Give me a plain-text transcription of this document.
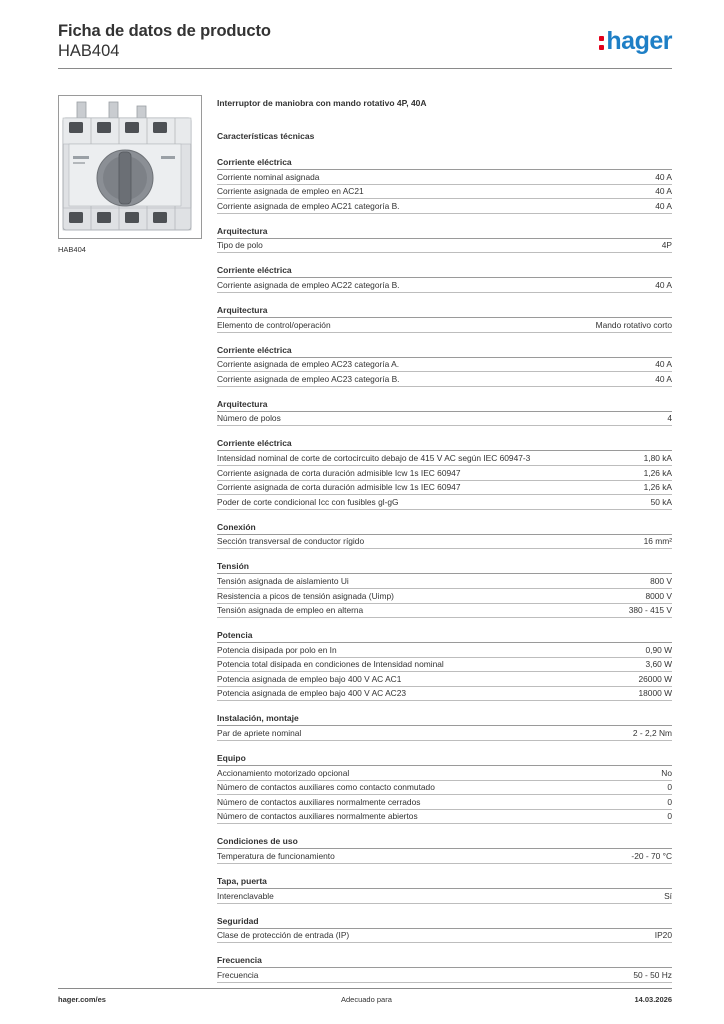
Ficha de datos de producto
HAB404	hager
HAB404
Interruptor de maniobra con mando rotativo 4P, 40A
Características técnicas
Corriente eléctrica
Corriente nominal asignada	40 A
Corriente asignada de empleo en AC21	40 A
Corriente asignada de empleo AC21 categoría B.	40 A
Arquitectura
Tipo de polo	4P
Corriente eléctrica
Corriente asignada de empleo AC22 categoría B.	40 A
Arquitectura
Elemento de control/operación	Mando rotativo corto
Corriente eléctrica
Corriente asignada de empleo AC23 categoría A.	40 A
Corriente asignada de empleo AC23 categoría B.	40 A
Arquitectura
Número de polos	4
Corriente eléctrica
Intensidad nominal de corte de cortocircuito debajo de 415 V AC según IEC 60947-3	1,80 kA
Corriente asignada de corta duración admisible Icw 1s IEC 60947	1,26 kA
Corriente asignada de corta duración admisible Icw 1s IEC 60947	1,26 kA
Poder de corte condicional Icc con fusibles gl-gG	50 kA
Conexión
Sección transversal de conductor rígido	16 mm²
Tensión
Tensión asignada de aislamiento Ui	800 V
Resistencia a picos de tensión asignada (Uimp)	8000 V
Tensión asignada de empleo en alterna	380 - 415 V
Potencia
Potencia disipada por polo en In	0,90 W
Potencia total disipada en condiciones de Intensidad nominal	3,60 W
Potencia asignada de empleo bajo 400 V AC AC1	26000 W
Potencia asignada de empleo bajo 400 V AC AC23	18000 W
Instalación, montaje
Par de apriete nominal	2 - 2,2 Nm
Equipo
Accionamiento motorizado opcional	No
Número de contactos auxiliares como contacto conmutado	0
Número de contactos auxiliares normalmente cerrados	0
Número de contactos auxiliares normalmente abiertos	0
Condiciones de uso
Temperatura de funcionamiento	-20 - 70 °C
Tapa, puerta
Interenclavable	Sí
Seguridad
Clase de protección de entrada (IP)	IP20
Frecuencia
Frecuencia	50 - 50 Hz
hager.com/es	Adecuado para	14.03.2026
